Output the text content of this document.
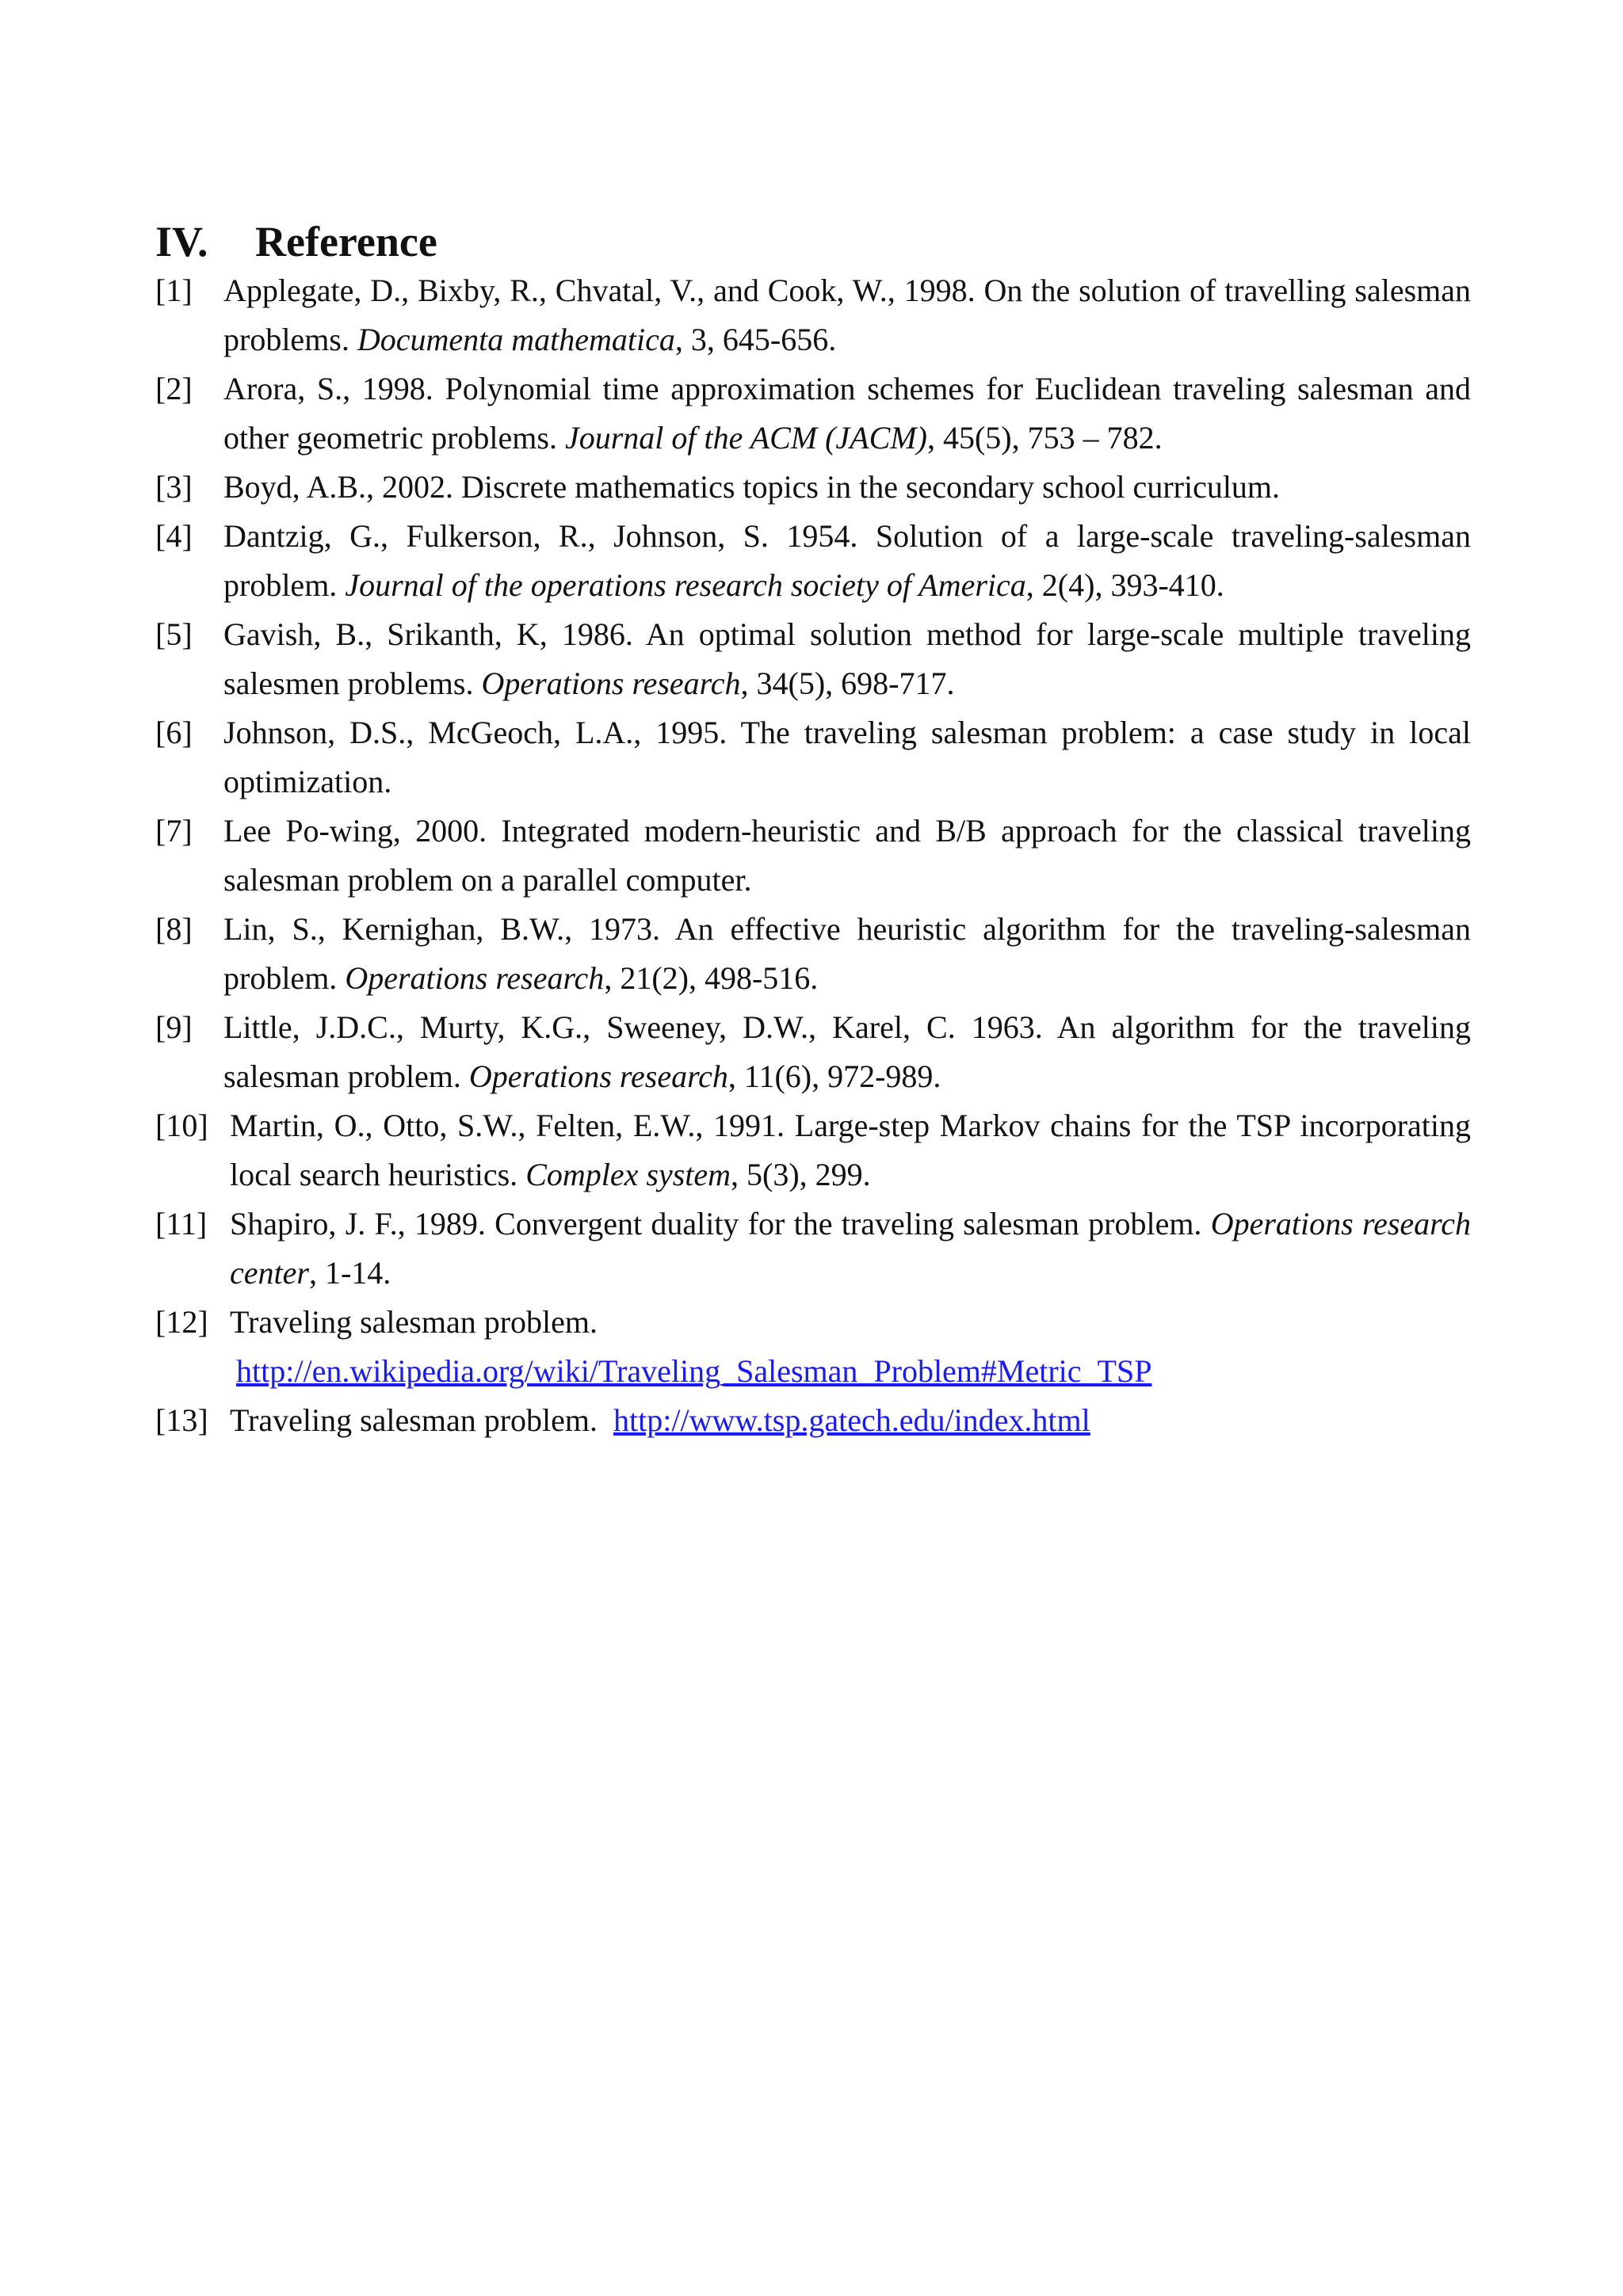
IV. Reference

[1] Applegate, D., Bixby, R., Chvatal, V., and Cook, W., 1998. On the solution of travelling salesman problems. Documenta mathematica, 3, 645-656.

[2] Arora, S., 1998. Polynomial time approximation schemes for Euclidean traveling salesman and other geometric problems. Journal of the ACM (JACM), 45(5), 753 – 782.

[3] Boyd, A.B., 2002. Discrete mathematics topics in the secondary school curriculum.

[4] Dantzig, G., Fulkerson, R., Johnson, S. 1954. Solution of a large-scale traveling-salesman problem. Journal of the operations research society of America, 2(4), 393-410.

[5] Gavish, B., Srikanth, K, 1986. An optimal solution method for large-scale multiple traveling salesmen problems. Operations research, 34(5), 698-717.

[6] Johnson, D.S., McGeoch, L.A., 1995. The traveling salesman problem: a case study in local optimization.

[7] Lee Po-wing, 2000. Integrated modern-heuristic and B/B approach for the classical traveling salesman problem on a parallel computer.

[8] Lin, S., Kernighan, B.W., 1973. An effective heuristic algorithm for the traveling-salesman problem. Operations research, 21(2), 498-516.

[9] Little, J.D.C., Murty, K.G., Sweeney, D.W., Karel, C. 1963. An algorithm for the traveling salesman problem. Operations research, 11(6), 972-989.

[10] Martin, O., Otto, S.W., Felten, E.W., 1991. Large-step Markov chains for the TSP incorporating local search heuristics. Complex system, 5(3), 299.

[11] Shapiro, J. F., 1989. Convergent duality for the traveling salesman problem. Operations research center, 1-14.

[12] Traveling salesman problem.
http://en.wikipedia.org/wiki/Traveling_Salesman_Problem#Metric_TSP

[13] Traveling salesman problem. http://www.tsp.gatech.edu/index.html
